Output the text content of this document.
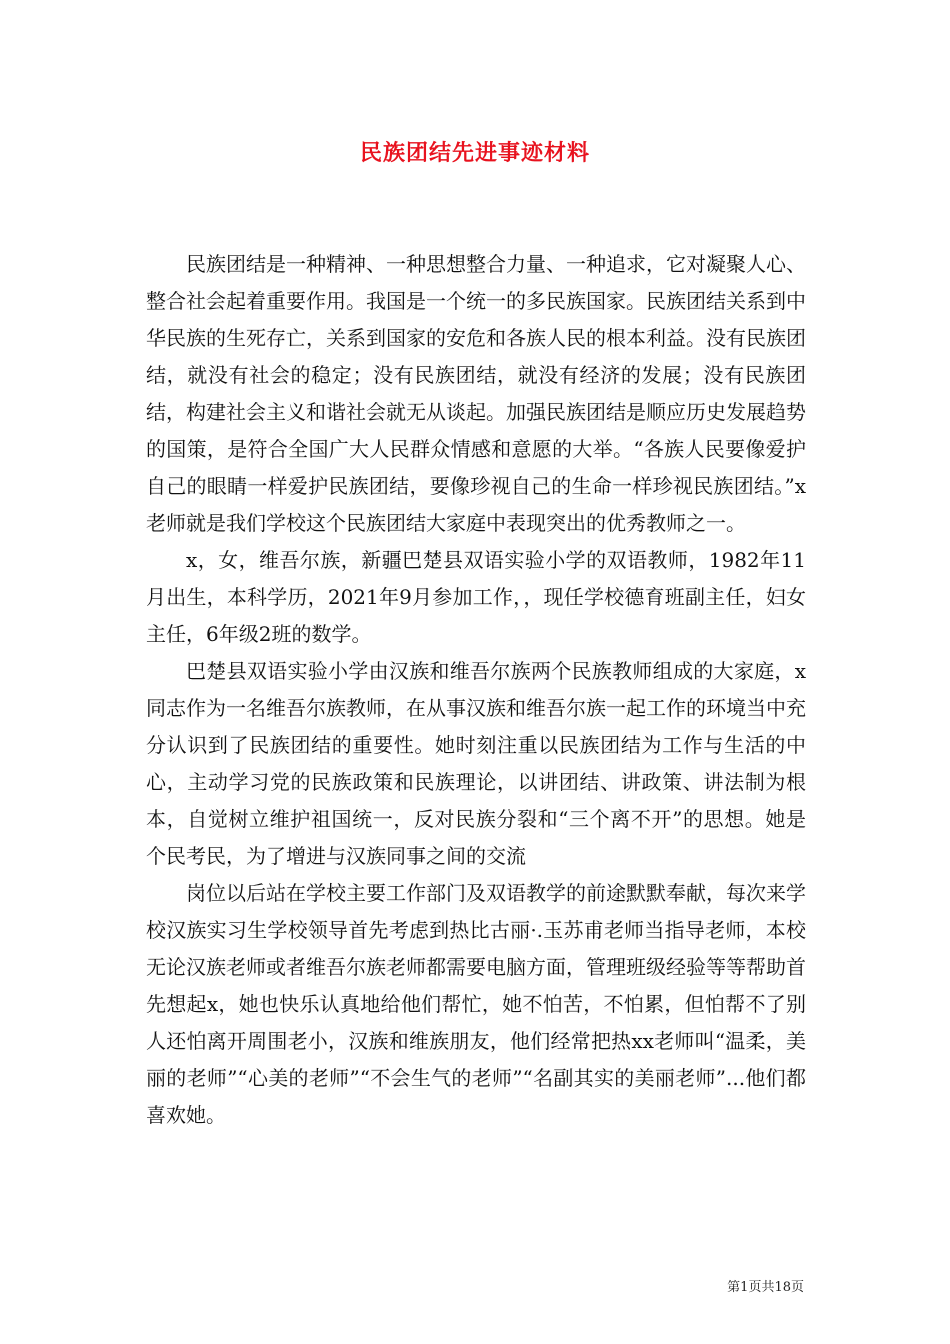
民族团结先进事迹材料

民族团结是一种精神、一种思想整合力量、一种追求，它对凝聚人心、整合社会起着重要作用。我国是一个统一的多民族国家。民族团结关系到中华民族的生死存亡，关系到国家的安危和各族人民的根本利益。没有民族团结，就没有社会的稳定；没有民族团结，就没有经济的发展；没有民族团结，构建社会主义和谐社会就无从谈起。加强民族团结是顺应历史发展趋势的国策，是符合全国广大人民群众情感和意愿的大举。“各族人民要像爱护自己的眼睛一样爱护民族团结，要像珍视自己的生命一样珍视民族团结。”x老师就是我们学校这个民族团结大家庭中表现突出的优秀教师之一。

x，女，维吾尔族，新疆巴楚县双语实验小学的双语教师，1982年11月出生，本科学历，2021年9月参加工作，，现任学校德育班副主任，妇女主任，6年级2班的数学。

巴楚县双语实验小学由汉族和维吾尔族两个民族教师组成的大家庭，x同志作为一名维吾尔族教师，在从事汉族和维吾尔族一起工作的环境当中充分认识到了民族团结的重要性。她时刻注重以民族团结为工作与生活的中心，主动学习党的民族政策和民族理论，以讲团结、讲政策、讲法制为根本，自觉树立维护祖国统一，反对民族分裂和“三个离不开”的思想。她是个民考民，为了增进与汉族同事之间的交流

岗位以后站在学校主要工作部门及双语教学的前途默默奉献，每次来学校汉族实习生学校领导首先考虑到热比古丽·.玉苏甫老师当指导老师，本校无论汉族老师或者维吾尔族老师都需要电脑方面，管理班级经验等等帮助首先想起x，她也快乐认真地给他们帮忙，她不怕苦，不怕累，但怕帮不了别人还怕离开周围老小，汉族和维族朋友，他们经常把热xx老师叫“温柔，美丽的老师”“心美的老师”“不会生气的老师”“名副其实的美丽老师”...他们都喜欢她。

第1页共18页
